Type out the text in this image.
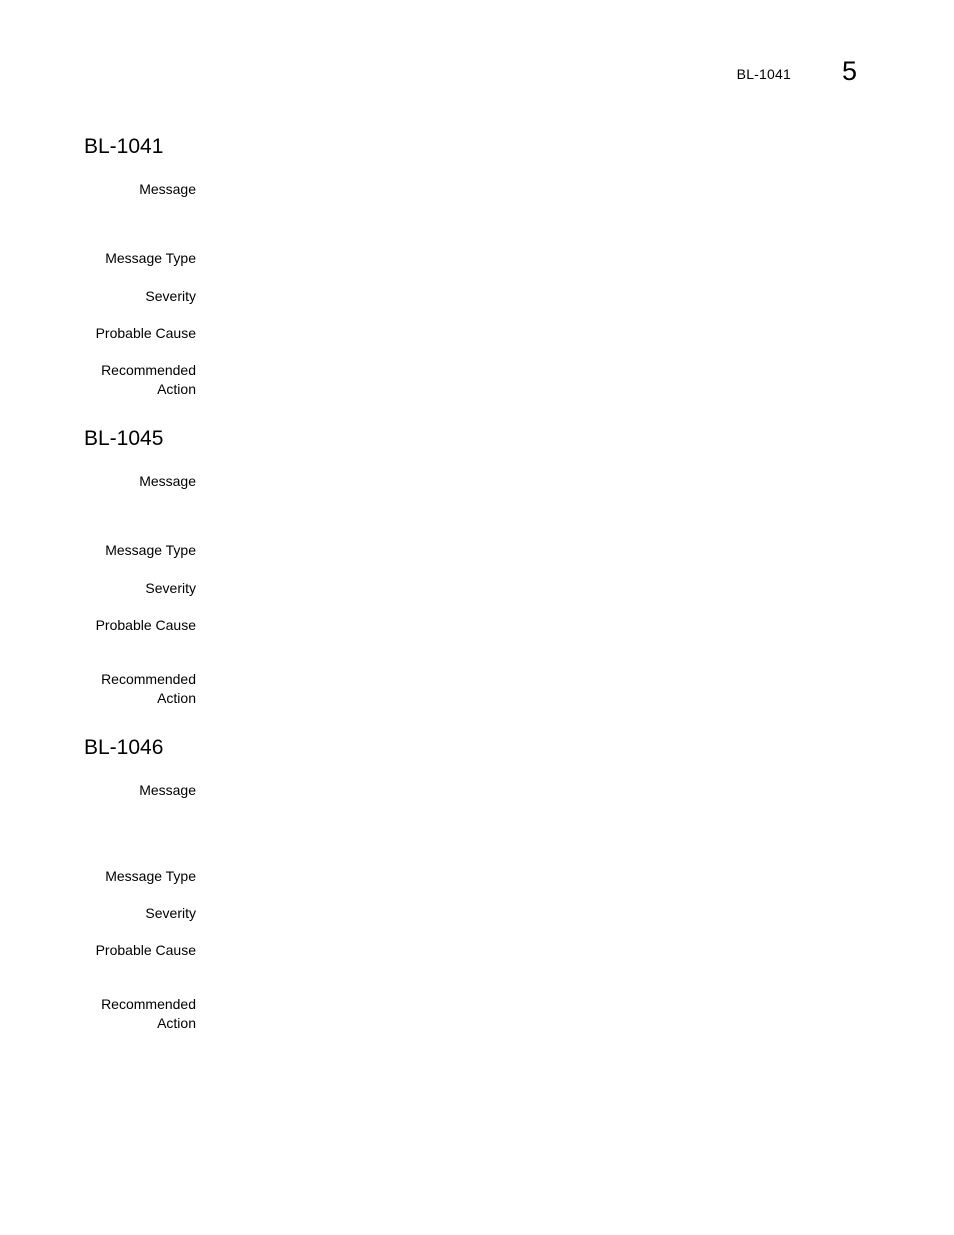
BL-1041 5
BL-1041
Message
Message Type
Severity
Probable Cause
Recommended
Action
BL-1045
Message
Message Type
Severity
Probable Cause
Recommended
Action
BL-1046
Message
Message Type
Severity
Probable Cause
Recommended
Action
